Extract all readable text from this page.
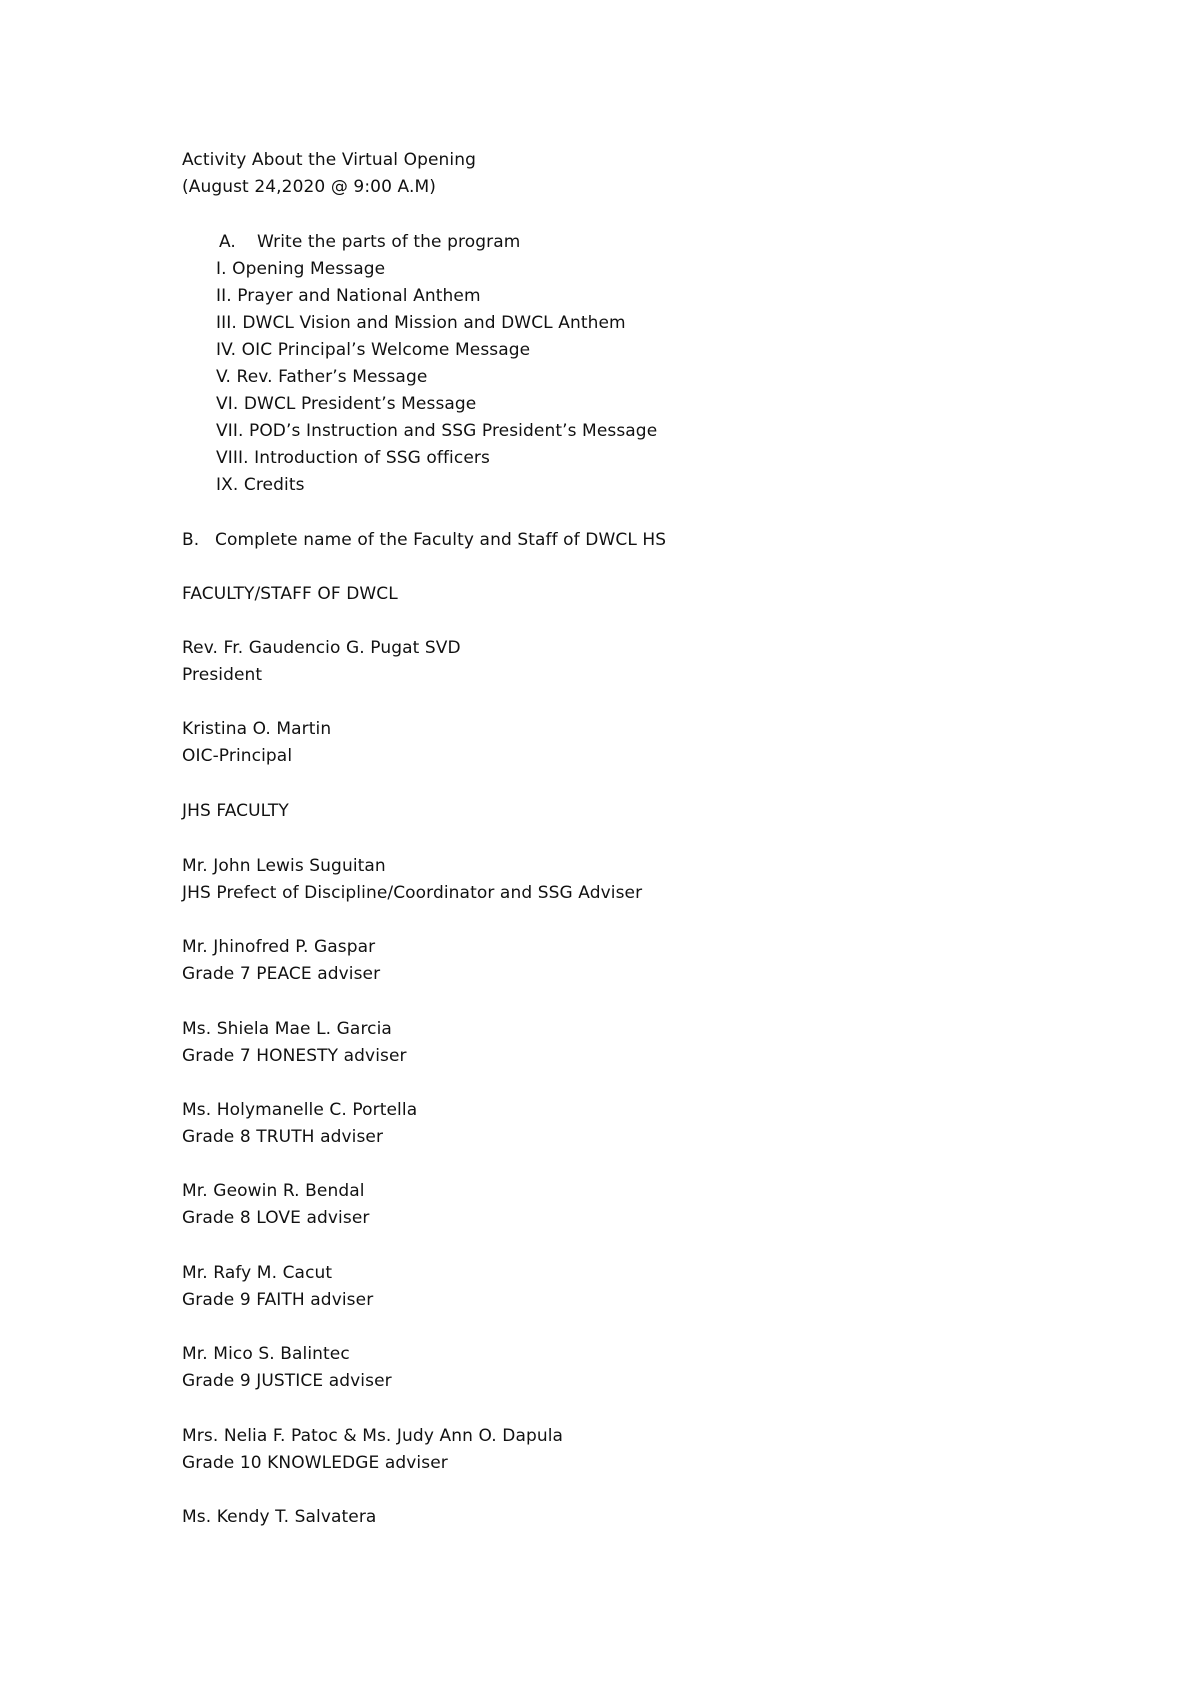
Activity About the Virtual Opening
(August 24,2020 @ 9:00 A.M)
A. Write the parts of the program
I. Opening Message
II. Prayer and National Anthem
III. DWCL Vision and Mission and DWCL Anthem
IV. OIC Principal’s Welcome Message
V. Rev. Father’s Message
VI. DWCL President’s Message
VII. POD’s Instruction and SSG President’s Message
VIII. Introduction of SSG officers
IX. Credits
B. Complete name of the Faculty and Staff of DWCL HS
FACULTY/STAFF OF DWCL
Rev. Fr. Gaudencio G. Pugat SVD
President
Kristina O. Martin
OIC-Principal
JHS FACULTY
Mr. John Lewis Suguitan
JHS Prefect of Discipline/Coordinator and SSG Adviser
Mr. Jhinofred P. Gaspar
Grade 7 PEACE adviser
Ms. Shiela Mae L. Garcia
Grade 7 HONESTY adviser
Ms. Holymanelle C. Portella
Grade 8 TRUTH adviser
Mr. Geowin R. Bendal
Grade 8 LOVE adviser
Mr. Rafy M. Cacut
Grade 9 FAITH adviser
Mr. Mico S. Balintec
Grade 9 JUSTICE adviser
Mrs. Nelia F. Patoc & Ms. Judy Ann O. Dapula
Grade 10 KNOWLEDGE adviser
Ms. Kendy T. Salvatera
